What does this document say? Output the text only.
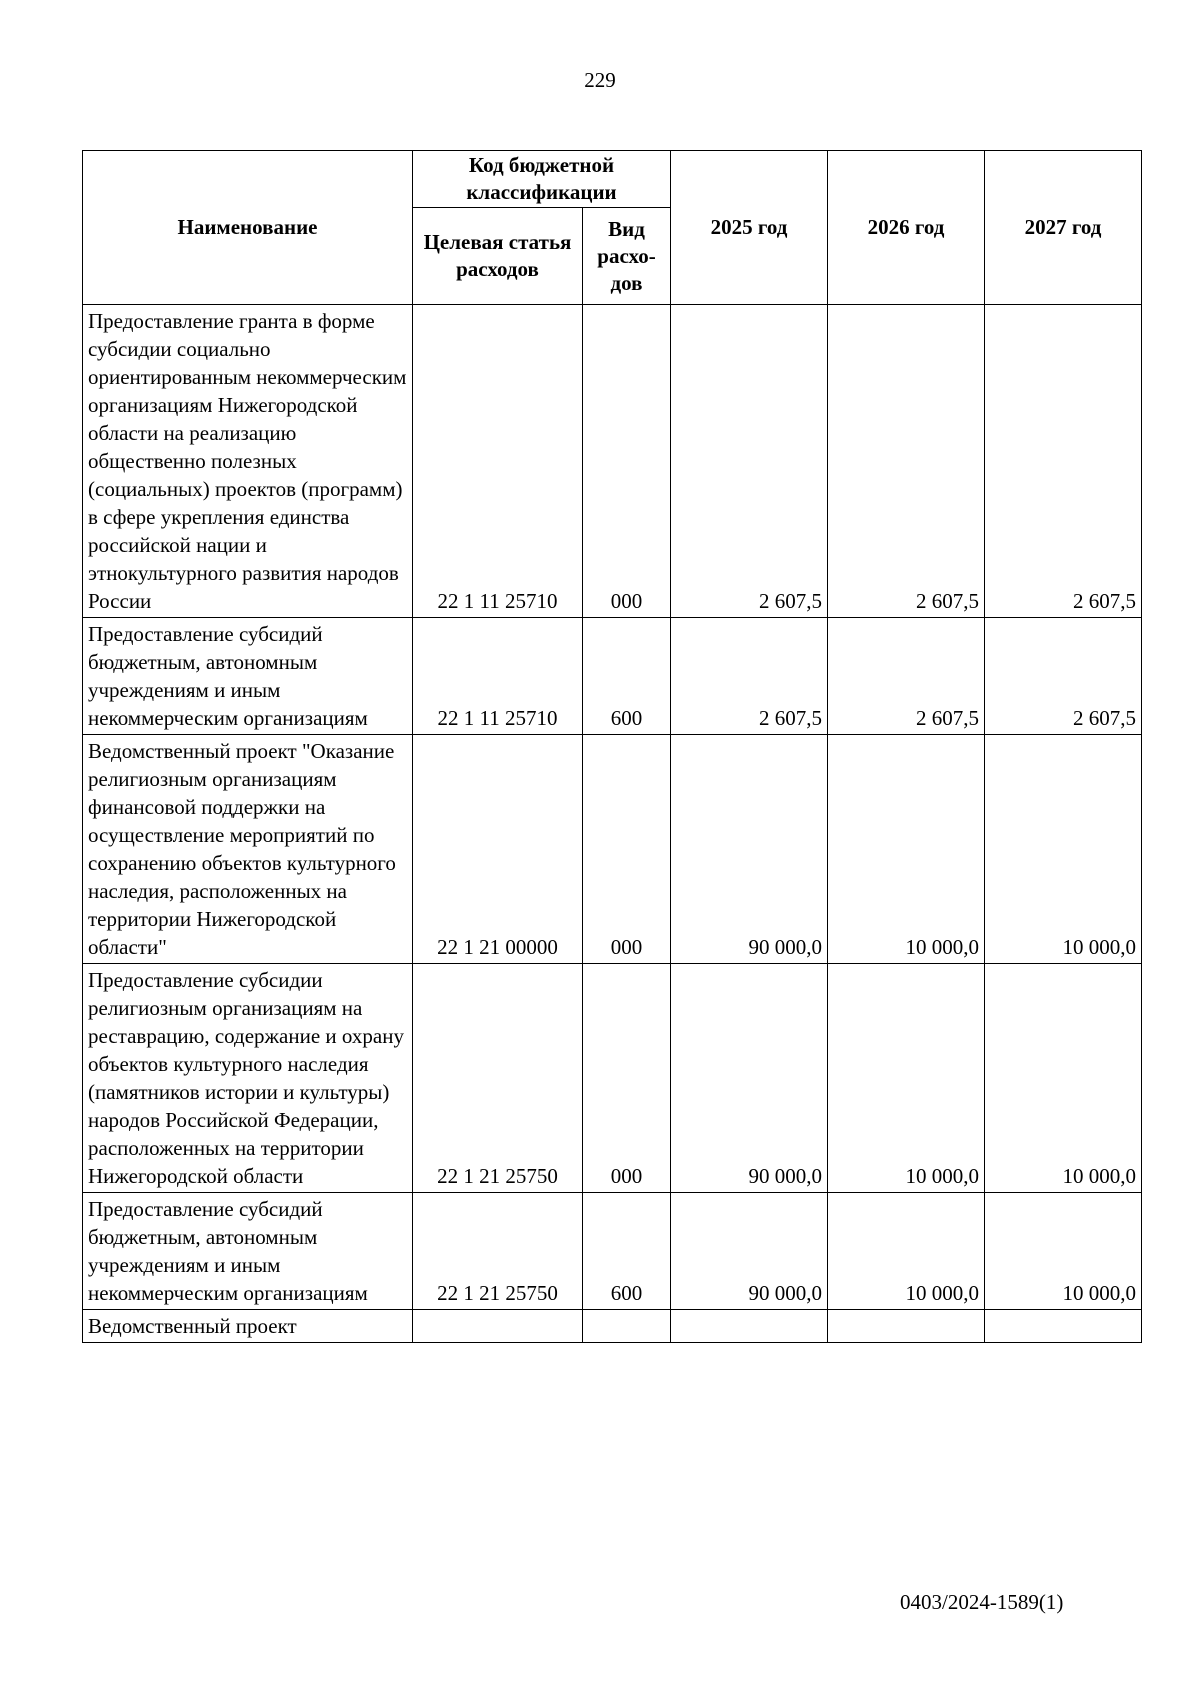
229
Наименование	Код бюджетной классификации		2025 год	2026 год	2027 год
	Целевая статья расходов	Вид расхо-дов			
Предоставление гранта в форме субсидии социально ориентированным некоммерческим организациям Нижегородской области на реализацию общественно полезных (социальных) проектов (программ) в сфере укрепления единства российской нации и этнокультурного развития народов России	22 1 11 25710	000	2 607,5	2 607,5	2 607,5
Предоставление субсидий бюджетным, автономным учреждениям и иным некоммерческим организациям	22 1 11 25710	600	2 607,5	2 607,5	2 607,5
Ведомственный проект "Оказание религиозным организациям финансовой поддержки на осуществление мероприятий по сохранению объектов культурного наследия, расположенных на территории Нижегородской области"	22 1 21 00000	000	90 000,0	10 000,0	10 000,0
Предоставление субсидии религиозным организациям на реставрацию, содержание и охрану объектов культурного наследия (памятников истории и культуры) народов Российской Федерации, расположенных на территории Нижегородской области	22 1 21 25750	000	90 000,0	10 000,0	10 000,0
Предоставление субсидий бюджетным, автономным учреждениям и иным некоммерческим организациям	22 1 21 25750	600	90 000,0	10 000,0	10 000,0
Ведомственный проект					
0403/2024-1589(1)
